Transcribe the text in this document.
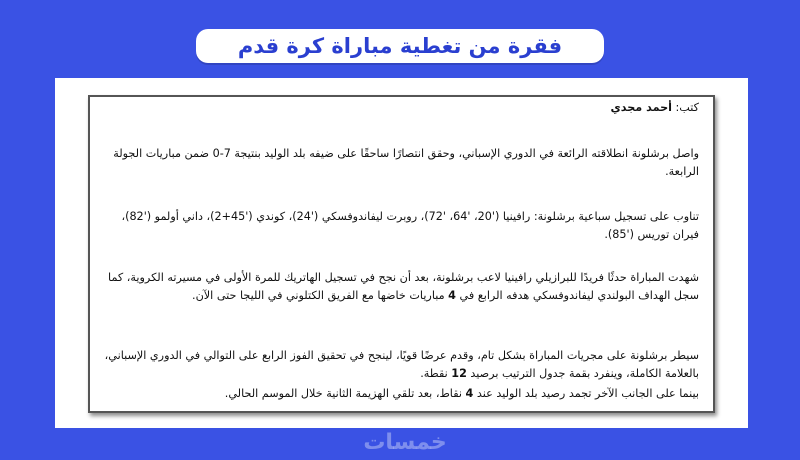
فقرة من تغطية مباراة كرة قدم

كتب: أحمد مجدي

واصل برشلونة انطلاقته الرائعة في الدوري الإسباني، وحقق انتصارًا ساحقًا على ضيفه بلد الوليد بنتيجة 7-0 ضمن مباريات الجولة الرابعة.

تناوب على تسجيل سباعية برشلونة: رافينيا ('20، '64، '72)، روبرت ليفاندوفسكي ('24)، كوندي ('45+2)، داني أولمو ('82)، فيران توريس ('85).

شهدت المباراة حدثًا فريدًا للبرازيلي رافينيا لاعب برشلونة، بعد أن نجح في تسجيل الهاتريك للمرة الأولى في مسيرته الكروية، كما سجل الهداف البولندي ليفاندوفسكي هدفه الرابع في 4 مباريات خاضها مع الفريق الكتلوني في الليجا حتى الآن.

سيطر برشلونة على مجريات المباراة بشكل تام، وقدم عرضًا قويًا، لينجح في تحقيق الفوز الرابع على التوالي في الدوري الإسباني، بالعلامة الكاملة، وينفرد بقمة جدول الترتيب برصيد 12 نقطة.

بينما على الجانب الآخر تجمد رصيد بلد الوليد عند 4 نقاط، بعد تلقي الهزيمة الثانية خلال الموسم الحالي.

خمسات
